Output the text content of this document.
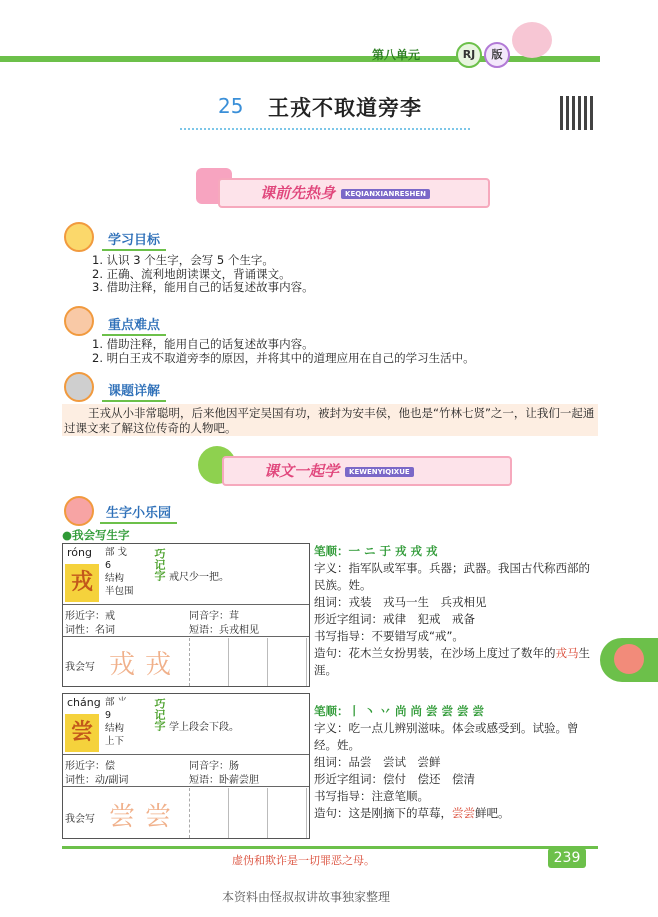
第八单元	RJ	版
25 王戎不取道旁李
课前先热身 KEQIANXIANRESHEN
学习目标
1. 认识 3 个生字，会写 5 个生字。
2. 正确、流利地朗读课文，背诵课文。
3. 借助注释，能用自己的话复述故事内容。
重点难点
1. 借助注释，能用自己的话复述故事内容。
2. 明白王戎不取道旁李的原因，并将其中的道理应用在自己的学习生活中。
课题详解
王戎从小非常聪明，后来他因平定吴国有功，被封为安丰侯，他也是“竹林七贤”之一，让我们一起通过课文来了解这位传奇的人物吧。
课文一起学 KEWENYIQIXUE
生字小乐园
●我会写生字
róng
戎
部 戈
6
结构
半包围
巧记字 戒尺少一把。
形近字：戒	同音字：茸
词性：名词	短语：兵戎相见
我会写 戎戎
笔顺：一 ニ 于 戎 戎 戎
字义：指军队或军事。兵器；武器。我国古代称西部的民族。姓。
组词：戎装　戎马一生　兵戎相见
形近字组词：戒律　犯戒　戒备
书写指导：不要错写成“戒”。
造句：花木兰女扮男装，在沙场上度过了数年的戎马生涯。
cháng
尝
部 ⺌
9
结构
上下
巧记字 学上段会下段。
形近字：偿	同音字：肠
词性：动/副词	短语：卧薪尝胆
我会写 尝尝
笔顺：丨 丶 丷 尚 尚 尝 尝 尝 尝
字义：吃一点儿辨别滋味。体会或感受到。试验。曾经。姓。
组词：品尝　尝试　尝鲜
形近字组词：偿付　偿还　偿清
书写指导：注意笔顺。
造句：这是刚摘下的草莓，尝尝鲜吧。
虚伪和欺诈是一切罪恶之母。	239
本资料由怪叔叔讲故事独家整理
